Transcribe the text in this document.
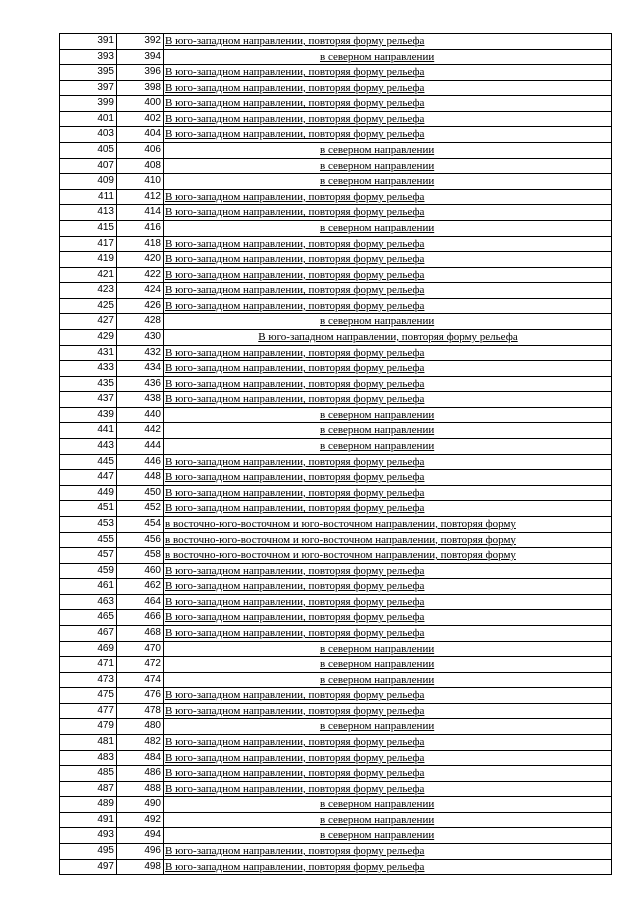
391	392 В юго-западном направлении, повторяя форму рельефа
393	394	в северном направлении
395	396 В юго-западном направлении, повторяя форму рельефа
397	398 В юго-западном направлении, повторяя форму рельефа
399	400 В юго-западном направлении, повторяя форму рельефа
401	402 В юго-западном направлении, повторяя форму рельефа
403	404 В юго-западном направлении, повторяя форму рельефа
405	406	в северном направлении
407	408	в северном направлении
409	410	в северном направлении
411	412 В юго-западном направлении, повторяя форму рельефа
413	414 В юго-западном направлении, повторяя форму рельефа
415	416	в северном направлении
417	418 В юго-западном направлении, повторяя форму рельефа
419	420 В юго-западном направлении, повторяя форму рельефа
421	422 В юго-западном направлении, повторяя форму рельефа
423	424 В юго-западном направлении, повторяя форму рельефа
425	426 В юго-западном направлении, повторяя форму рельефа
427	428	в северном направлении
429	430	В юго-западном направлении, повторяя форму рельефа
431	432 В юго-западном направлении, повторяя форму рельефа
433	434 В юго-западном направлении, повторяя форму рельефа
435	436 В юго-западном направлении, повторяя форму рельефа
437	438 В юго-западном направлении, повторяя форму рельефа
439	440	в северном направлении
441	442	в северном направлении
443	444	в северном направлении
445	446 В юго-западном направлении, повторяя форму рельефа
447	448 В юго-западном направлении, повторяя форму рельефа
449	450 В юго-западном направлении, повторяя форму рельефа
451	452 В юго-западном направлении, повторяя форму рельефа
453	454 в восточно-юго-восточном и юго-восточном направлении, повторяя форму
455	456 в восточно-юго-восточном и юго-восточном направлении, повторяя форму
457	458 в восточно-юго-восточном и юго-восточном направлении, повторяя форму
459	460 В юго-западном направлении, повторяя форму рельефа
461	462 В юго-западном направлении, повторяя форму рельефа
463	464 В юго-западном направлении, повторяя форму рельефа
465	466 В юго-западном направлении, повторяя форму рельефа
467	468 В юго-западном направлении, повторяя форму рельефа
469	470	в северном направлении
471	472	в северном направлении
473	474	в северном направлении
475	476 В юго-западном направлении, повторяя форму рельефа
477	478 В юго-западном направлении, повторяя форму рельефа
479	480	в северном направлении
481	482 В юго-западном направлении, повторяя форму рельефа
483	484 В юго-западном направлении, повторяя форму рельефа
485	486 В юго-западном направлении, повторяя форму рельефа
487	488 В юго-западном направлении, повторяя форму рельефа
489	490	в северном направлении
491	492	в северном направлении
493	494	в северном направлении
495	496 В юго-западном направлении, повторяя форму рельефа
497	498 В юго-западном направлении, повторяя форму рельефа
